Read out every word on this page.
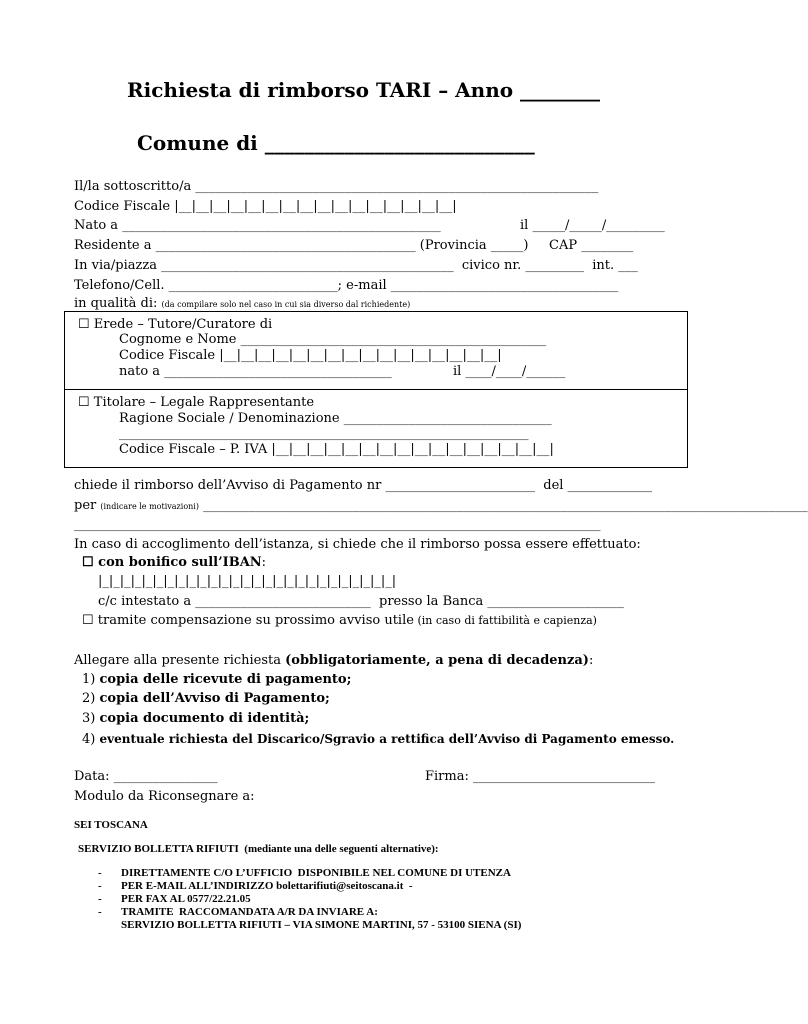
Richiesta di rimborso TARI – Anno ________
Comune di ___________________________
Il/la sottoscritto/a ______________________________________________________________
Codice Fiscale |__|__|__|__|__|__|__|__|__|__|__|__|__|__|__|__|
Nato a _________________________________________________	il _____/_____/_________
Residente a ________________________________________ (Provincia _____)     CAP ________
In via/piazza _____________________________________________  civico nr. _________  int. ___
Telefono/Cell. __________________________; e-mail ___________________________________
in qualità di: (da compilare solo nel caso in cui sia diverso dal richiedente)
☐ Erede – Tutore/Curatore di
Cognome e Nome _______________________________________________
Codice Fiscale |__|__|__|__|__|__|__|__|__|__|__|__|__|__|__|__|
nato a ___________________________________	il ____/____/______
☐ Titolare – Legale Rappresentante
Ragione Sociale / Denominazione ________________________________
_______________________________________________________________
Codice Fiscale – P. IVA |__|__|__|__|__|__|__|__|__|__|__|__|__|__|__|__|
chiede il rimborso dell’Avviso di Pagamento nr _______________________  del _____________
per (indicare le motivazioni) _____________________________________________________________________________________________
_________________________________________________________________________________
In caso di accoglimento dell’istanza, si chiede che il rimborso possa essere effettuato:
☐ con bonifico sull’IBAN:
|_|_|_|_|_|_|_|_|_|_|_|_|_|_|_|_|_|_|_|_|_|_|_|_|_|_|_|
c/c intestato a ___________________________  presso la Banca _____________________
☐ tramite compensazione su prossimo avviso utile (in caso di fattibilità e capienza)
Allegare alla presente richiesta (obbligatoriamente, a pena di decadenza):
1) copia delle ricevute di pagamento;
2) copia dell’Avviso di Pagamento;
3) copia documento di identità;
4) eventuale richiesta del Discarico/Sgravio a rettifica dell’Avviso di Pagamento emesso.
Data: ________________	Firma: ____________________________
Modulo da Riconsegnare a:
SEI TOSCANA
SERVIZIO BOLLETTA RIFIUTI  (mediante una delle seguenti alternative):
- DIRETTAMENTE C/O L’UFFICIO  DISPONIBILE NEL COMUNE DI UTENZA
- PER E-MAIL ALL’INDIRIZZO bolettarifiuti@seitoscana.it  -
- PER FAX AL 0577/22.21.05
- TRAMITE  RACCOMANDATA A/R DA INVIARE A:
SERVIZIO BOLLETTA RIFIUTI – VIA SIMONE MARTINI, 57 - 53100 SIENA (SI)
